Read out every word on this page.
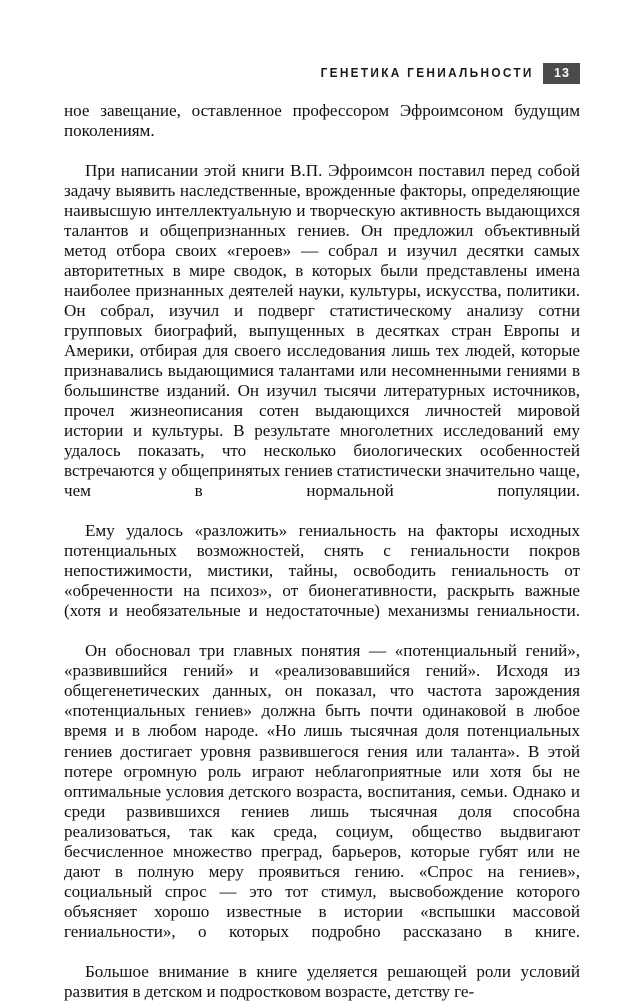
ГЕНЕТИКА ГЕНИАЛЬНОСТИ	13

ное завещание, оставленное профессором Эфроимсоном будущим поколениям.

При написании этой книги В.П. Эфроимсон поставил перед собой задачу выявить наследственные, врожденные факторы, определяющие наивысшую интеллектуальную и творческую активность выдающихся талантов и общепризнанных гениев. Он предложил объективный метод отбора своих «героев» — собрал и изучил десятки самых авторитетных в мире сводок, в которых были представлены имена наиболее признанных деятелей науки, культуры, искусства, политики. Он собрал, изучил и подверг статистическому анализу сотни групповых биографий, выпущенных в десятках стран Европы и Америки, отбирая для своего исследования лишь тех людей, которые признавались выдающимися талантами или несомненными гениями в большинстве изданий. Он изучил тысячи литературных источников, прочел жизнеописания сотен выдающихся личностей мировой истории и культуры. В результате многолетних исследований ему удалось показать, что несколько биологических особенностей встречаются у общепринятых гениев статистически значительно чаще, чем в нормальной популяции.

Ему удалось «разложить» гениальность на факторы исходных потенциальных возможностей, снять с гениальности покров непостижимости, мистики, тайны, освободить гениальность от «обреченности на психоз», от бионегативности, раскрыть важные (хотя и необязательные и недостаточные) механизмы гениальности.

Он обосновал три главных понятия — «потенциальный гений», «развившийся гений» и «реализовавшийся гений». Исходя из общегенетических данных, он показал, что частота зарождения «потенциальных гениев» должна быть почти одинаковой в любое время и в любом народе. «Но лишь тысячная доля потенциальных гениев достигает уровня развившегося гения или таланта». В этой потере огромную роль играют неблагоприятные или хотя бы не оптимальные условия детского возраста, воспитания, семьи. Однако и среди развившихся гениев лишь тысячная доля способна реализоваться, так как среда, социум, общество выдвигают бесчисленное множество преград, барьеров, которые губят или не дают в полную меру проявиться гению. «Спрос на гениев», социальный спрос — это тот стимул, высвобождение которого объясняет хорошо известные в истории «вспышки массовой гениальности», о которых подробно рассказано в книге.

Большое внимание в книге уделяется решающей роли условий развития в детском и подростковом возрасте, детству ге-
